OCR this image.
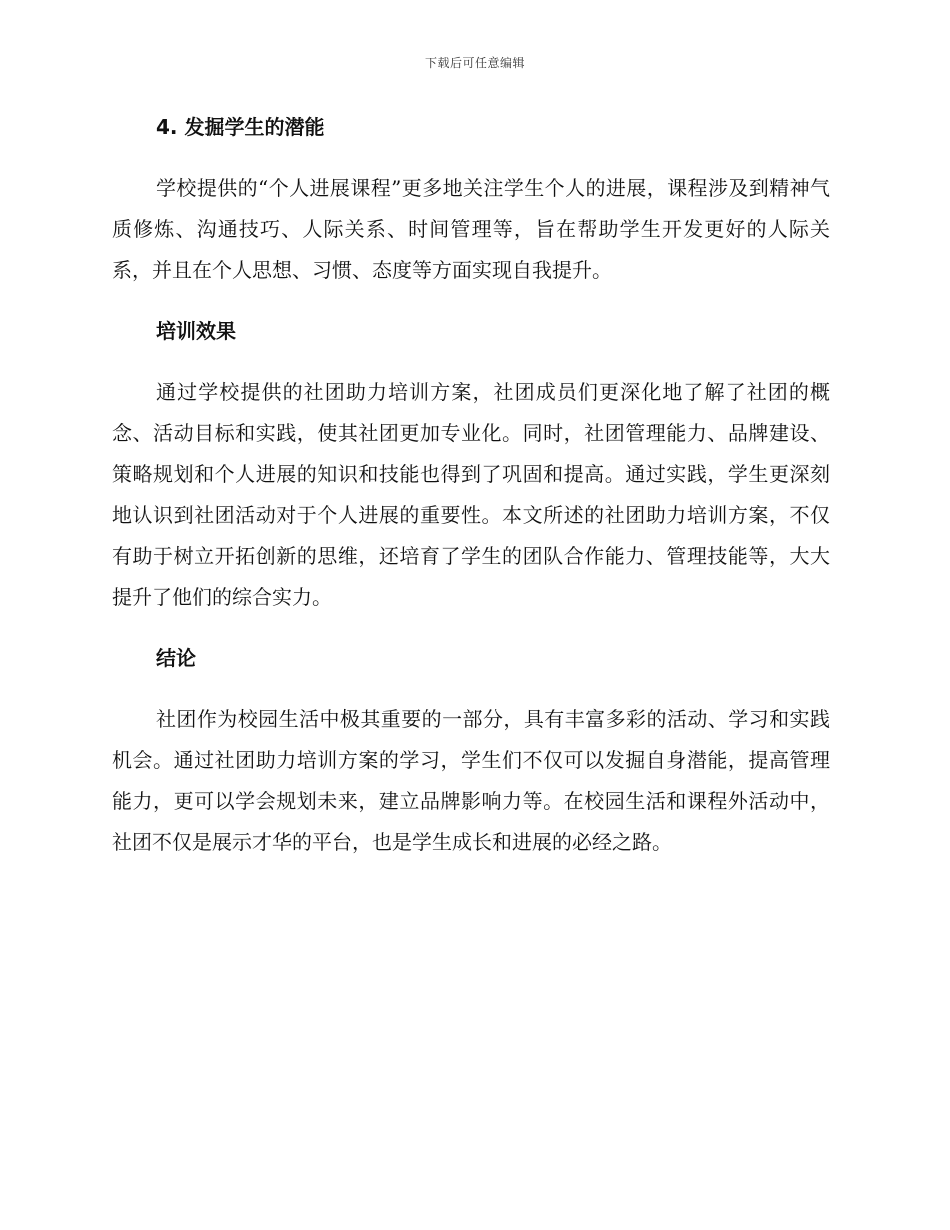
下载后可任意编辑

4. 发掘学生的潜能

学校提供的“个人进展课程”更多地关注学生个人的进展，课程涉及到精神气质修炼、沟通技巧、人际关系、时间管理等，旨在帮助学生开发更好的人际关系，并且在个人思想、习惯、态度等方面实现自我提升。

培训效果

通过学校提供的社团助力培训方案，社团成员们更深化地了解了社团的概念、活动目标和实践，使其社团更加专业化。同时，社团管理能力、品牌建设、策略规划和个人进展的知识和技能也得到了巩固和提高。通过实践，学生更深刻地认识到社团活动对于个人进展的重要性。本文所述的社团助力培训方案，不仅有助于树立开拓创新的思维，还培育了学生的团队合作能力、管理技能等，大大提升了他们的综合实力。

结论

社团作为校园生活中极其重要的一部分，具有丰富多彩的活动、学习和实践机会。通过社团助力培训方案的学习，学生们不仅可以发掘自身潜能，提高管理能力，更可以学会规划未来，建立品牌影响力等。在校园生活和课程外活动中，社团不仅是展示才华的平台，也是学生成长和进展的必经之路。
